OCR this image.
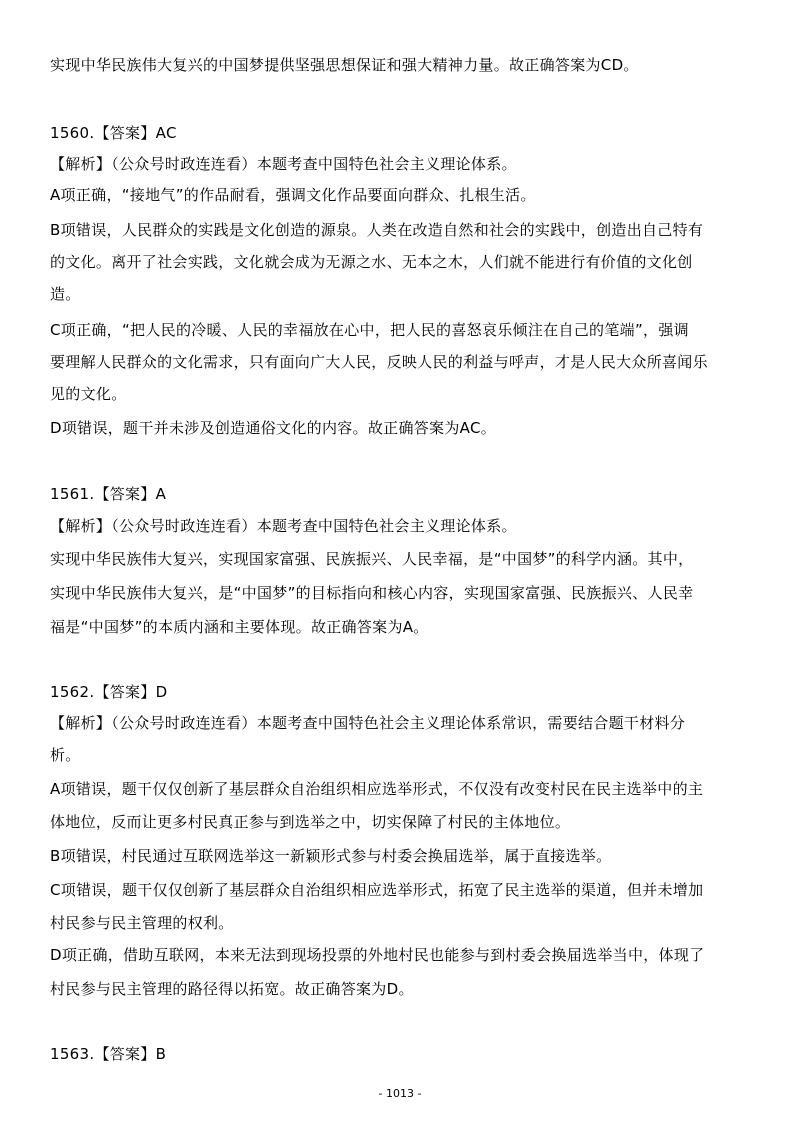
实现中华民族伟大复兴的中国梦提供坚强思想保证和强大精神力量。故正确答案为CD。
1560.【答案】AC
【解析】（公众号时政连连看）本题考查中国特色社会主义理论体系。
A项正确，“接地气”的作品耐看，强调文化作品要面向群众、扎根生活。
B项错误，人民群众的实践是文化创造的源泉。人类在改造自然和社会的实践中，创造出自己特有
的文化。离开了社会实践，文化就会成为无源之水、无本之木，人们就不能进行有价值的文化创
造。
C项正确，“把人民的冷暖、人民的幸福放在心中，把人民的喜怒哀乐倾注在自己的笔端”，强调
要理解人民群众的文化需求，只有面向广大人民，反映人民的利益与呼声，才是人民大众所喜闻乐
见的文化。
D项错误，题干并未涉及创造通俗文化的内容。故正确答案为AC。
1561.【答案】A
【解析】（公众号时政连连看）本题考查中国特色社会主义理论体系。
实现中华民族伟大复兴，实现国家富强、民族振兴、人民幸福，是“中国梦”的科学内涵。其中，
实现中华民族伟大复兴，是“中国梦”的目标指向和核心内容，实现国家富强、民族振兴、人民幸
福是“中国梦”的本质内涵和主要体现。故正确答案为A。
1562.【答案】D
【解析】（公众号时政连连看）本题考查中国特色社会主义理论体系常识，需要结合题干材料分
析。
A项错误，题干仅仅创新了基层群众自治组织相应选举形式，不仅没有改变村民在民主选举中的主
体地位，反而让更多村民真正参与到选举之中，切实保障了村民的主体地位。
B项错误，村民通过互联网选举这一新颖形式参与村委会换届选举，属于直接选举。
C项错误，题干仅仅创新了基层群众自治组织相应选举形式，拓宽了民主选举的渠道，但并未增加
村民参与民主管理的权利。
D项正确，借助互联网，本来无法到现场投票的外地村民也能参与到村委会换届选举当中，体现了
村民参与民主管理的路径得以拓宽。故正确答案为D。
1563.【答案】B
- 1013 -
